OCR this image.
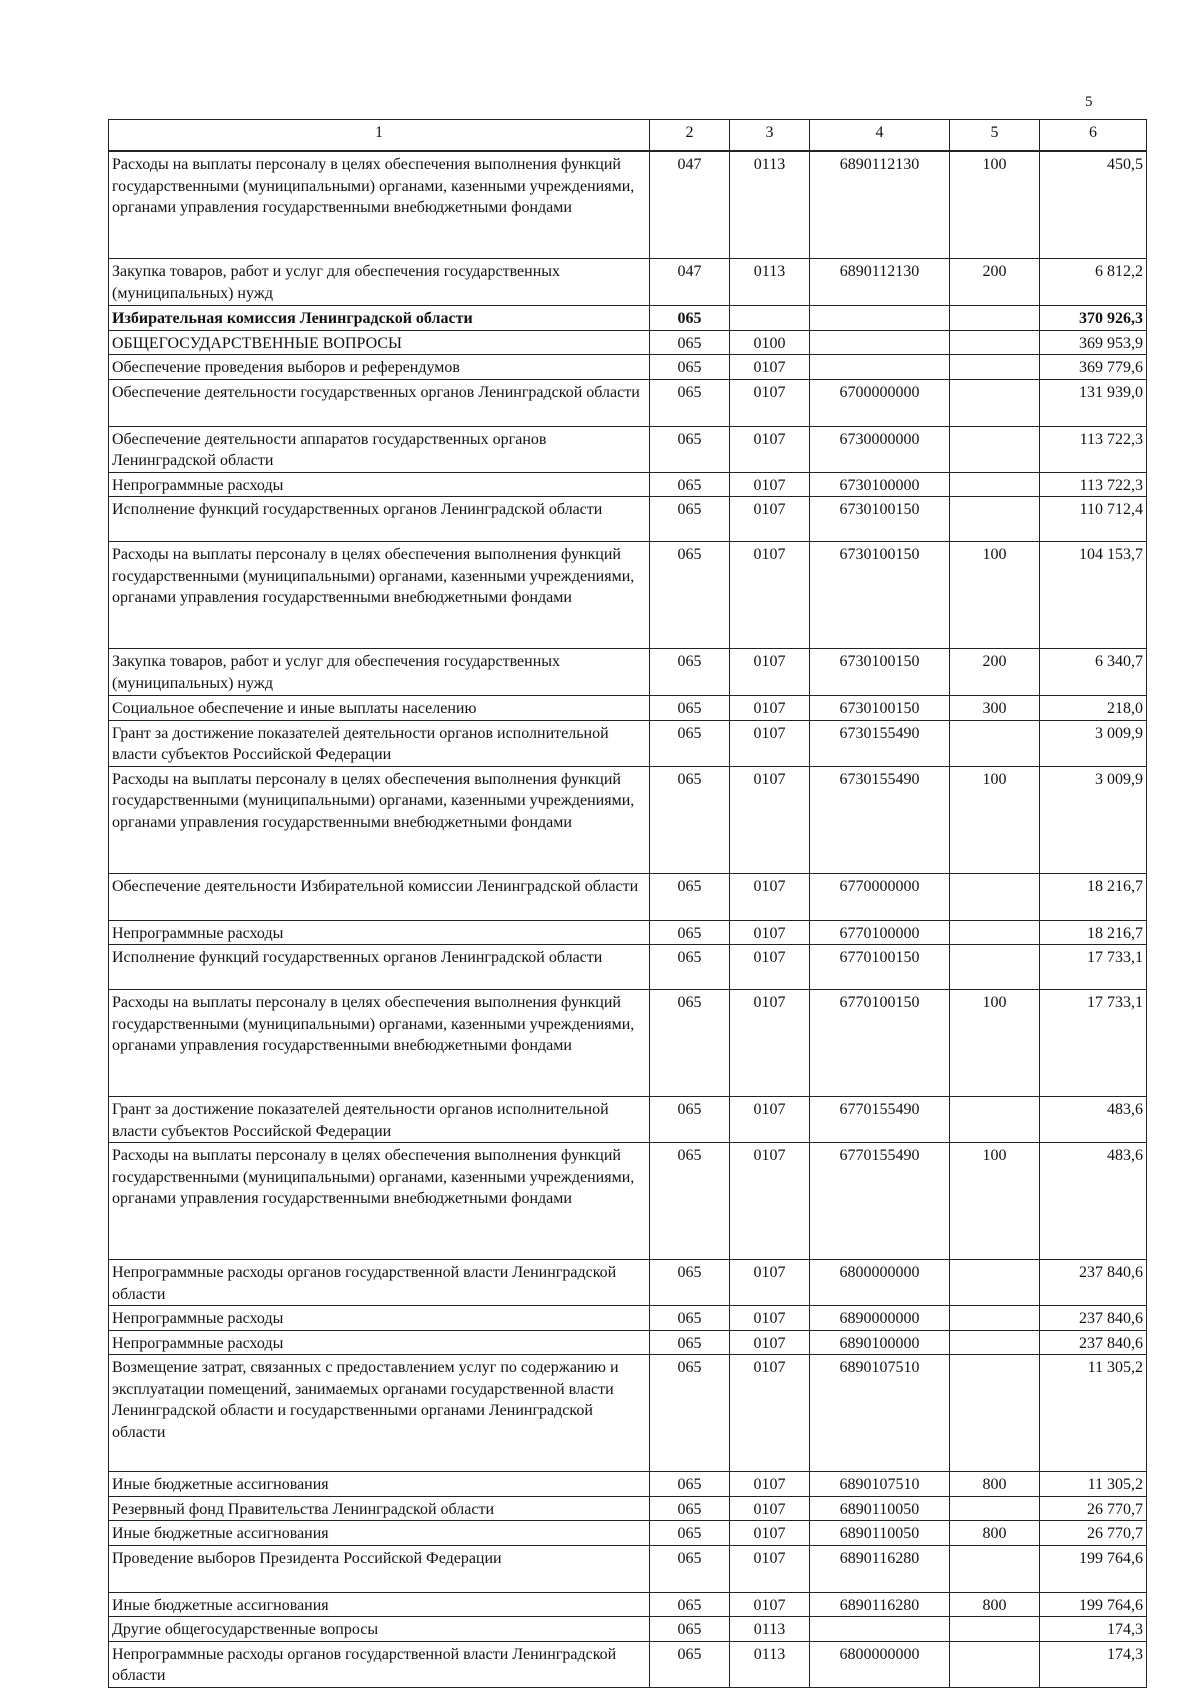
5
1	2	3	4	5	6
Расходы на выплаты персоналу в целях обеспечения выполнения функций государственными (муниципальными) органами, казенными учреждениями, органами управления государственными внебюджетными фондами	047	0113	6890112130	100	450,5
Закупка товаров, работ и услуг для обеспечения государственных (муниципальных) нужд	047	0113	6890112130	200	6 812,2
Избирательная комиссия Ленинградской области	065				370 926,3
ОБЩЕГОСУДАРСТВЕННЫЕ ВОПРОСЫ	065	0100			369 953,9
Обеспечение проведения выборов и референдумов	065	0107			369 779,6
Обеспечение деятельности государственных органов Ленинградской области	065	0107	6700000000		131 939,0
Обеспечение деятельности аппаратов государственных органов Ленинградской области	065	0107	6730000000		113 722,3
Непрограммные расходы	065	0107	6730100000		113 722,3
Исполнение функций государственных органов Ленинградской области	065	0107	6730100150		110 712,4
Расходы на выплаты персоналу в целях обеспечения выполнения функций государственными (муниципальными) органами, казенными учреждениями, органами управления государственными внебюджетными фондами	065	0107	6730100150	100	104 153,7
Закупка товаров, работ и услуг для обеспечения государственных (муниципальных) нужд	065	0107	6730100150	200	6 340,7
Социальное обеспечение и иные выплаты населению	065	0107	6730100150	300	218,0
Грант за достижение показателей деятельности органов исполнительной власти субъектов Российской Федерации	065	0107	6730155490		3 009,9
Расходы на выплаты персоналу в целях обеспечения выполнения функций государственными (муниципальными) органами, казенными учреждениями, органами управления государственными внебюджетными фондами	065	0107	6730155490	100	3 009,9
Обеспечение деятельности Избирательной комиссии Ленинградской области	065	0107	6770000000		18 216,7
Непрограммные расходы	065	0107	6770100000		18 216,7
Исполнение функций государственных органов Ленинградской области	065	0107	6770100150		17 733,1
Расходы на выплаты персоналу в целях обеспечения выполнения функций государственными (муниципальными) органами, казенными учреждениями, органами управления государственными внебюджетными фондами	065	0107	6770100150	100	17 733,1
Грант за достижение показателей деятельности органов исполнительной власти субъектов Российской Федерации	065	0107	6770155490		483,6
Расходы на выплаты персоналу в целях обеспечения выполнения функций государственными (муниципальными) органами, казенными учреждениями, органами управления государственными внебюджетными фондами	065	0107	6770155490	100	483,6
Непрограммные расходы органов государственной власти Ленинградской области	065	0107	6800000000		237 840,6
Непрограммные расходы	065	0107	6890000000		237 840,6
Непрограммные расходы	065	0107	6890100000		237 840,6
Возмещение затрат, связанных с предоставлением услуг по содержанию и эксплуатации помещений, занимаемых органами государственной власти Ленинградской области и государственными органами Ленинградской области	065	0107	6890107510		11 305,2
Иные бюджетные ассигнования	065	0107	6890107510	800	11 305,2
Резервный фонд Правительства Ленинградской области	065	0107	6890110050		26 770,7
Иные бюджетные ассигнования	065	0107	6890110050	800	26 770,7
Проведение выборов Президента Российской Федерации	065	0107	6890116280		199 764,6
Иные бюджетные ассигнования	065	0107	6890116280	800	199 764,6
Другие общегосударственные вопросы	065	0113			174,3
Непрограммные расходы органов государственной власти Ленинградской области	065	0113	6800000000		174,3
